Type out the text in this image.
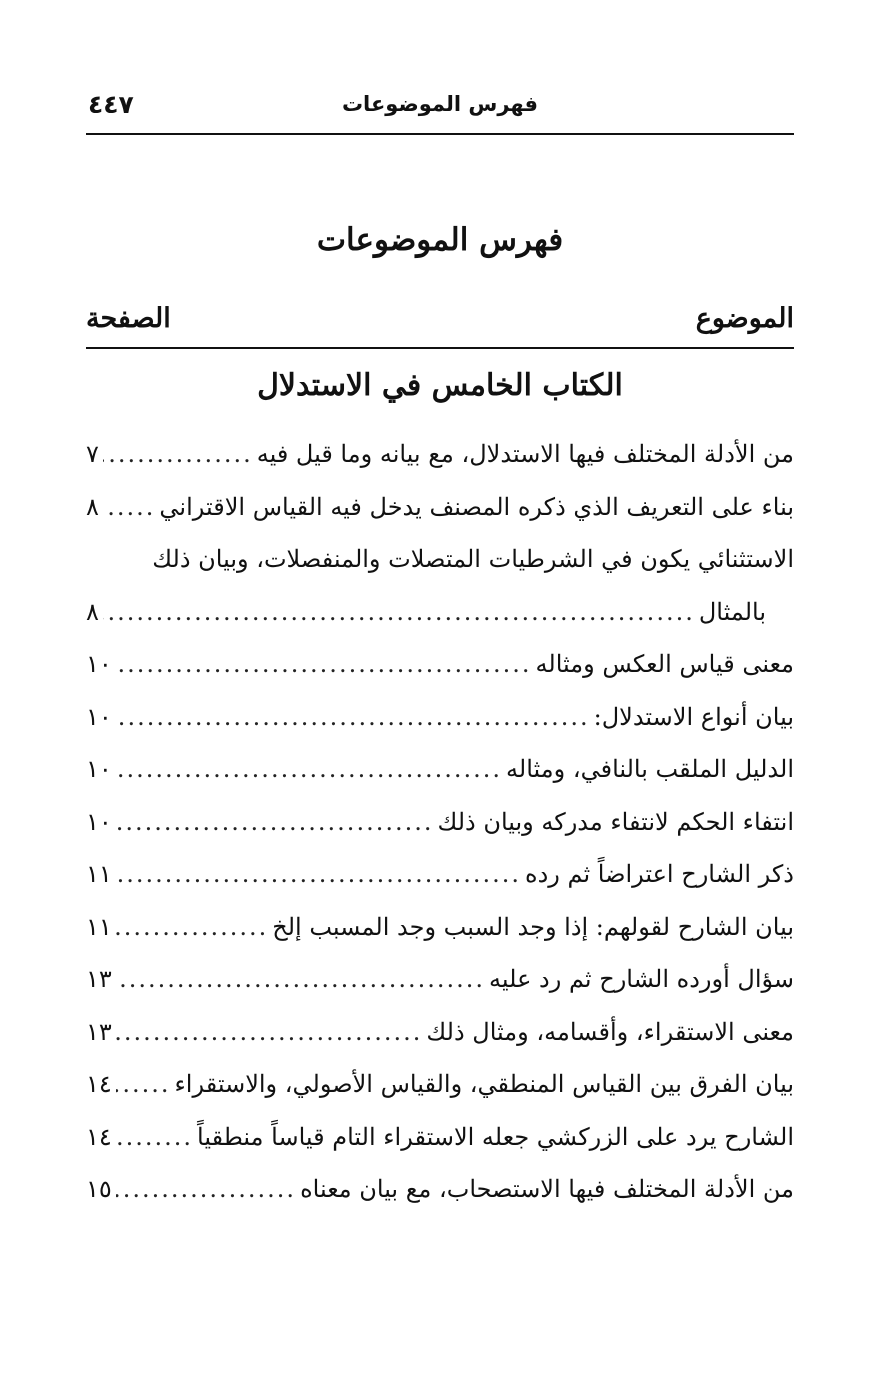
فهرس الموضوعات
٤٤٧
فهرس الموضوعات
الموضوع
الصفحة
الكتاب الخامس في الاستدلال
من الأدلة المختلف فيها الاستدلال، مع بيانه وما قيل فيه
.....
٧
بناء على التعريف الذي ذكره المصنف يدخل فيه القياس الاقتراني
.....
٨
الاستثنائي يكون في الشرطيات المتصلات والمنفصلات، وبيان ذلك
بالمثال
.....
٨
معنى قياس العكس ومثاله
.....
١٠
بيان أنواع الاستدلال:
.....
١٠
الدليل الملقب بالنافي، ومثاله
.....
١٠
انتفاء الحكم لانتفاء مدركه وبيان ذلك
.....
١٠
ذكر الشارح اعتراضاً ثم رده
.....
١١
بيان الشارح لقولهم: إذا وجد السبب وجد المسبب إلخ
.....
١١
سؤال أورده الشارح ثم رد عليه
.....
١٣
معنى الاستقراء، وأقسامه، ومثال ذلك
.....
١٣
بيان الفرق بين القياس المنطقي، والقياس الأصولي، والاستقراء
.....
١٤
الشارح يرد على الزركشي جعله الاستقراء التام قياساً منطقياً
.....
١٤
من الأدلة المختلف فيها الاستصحاب، مع بيان معناه
.....
١٥
